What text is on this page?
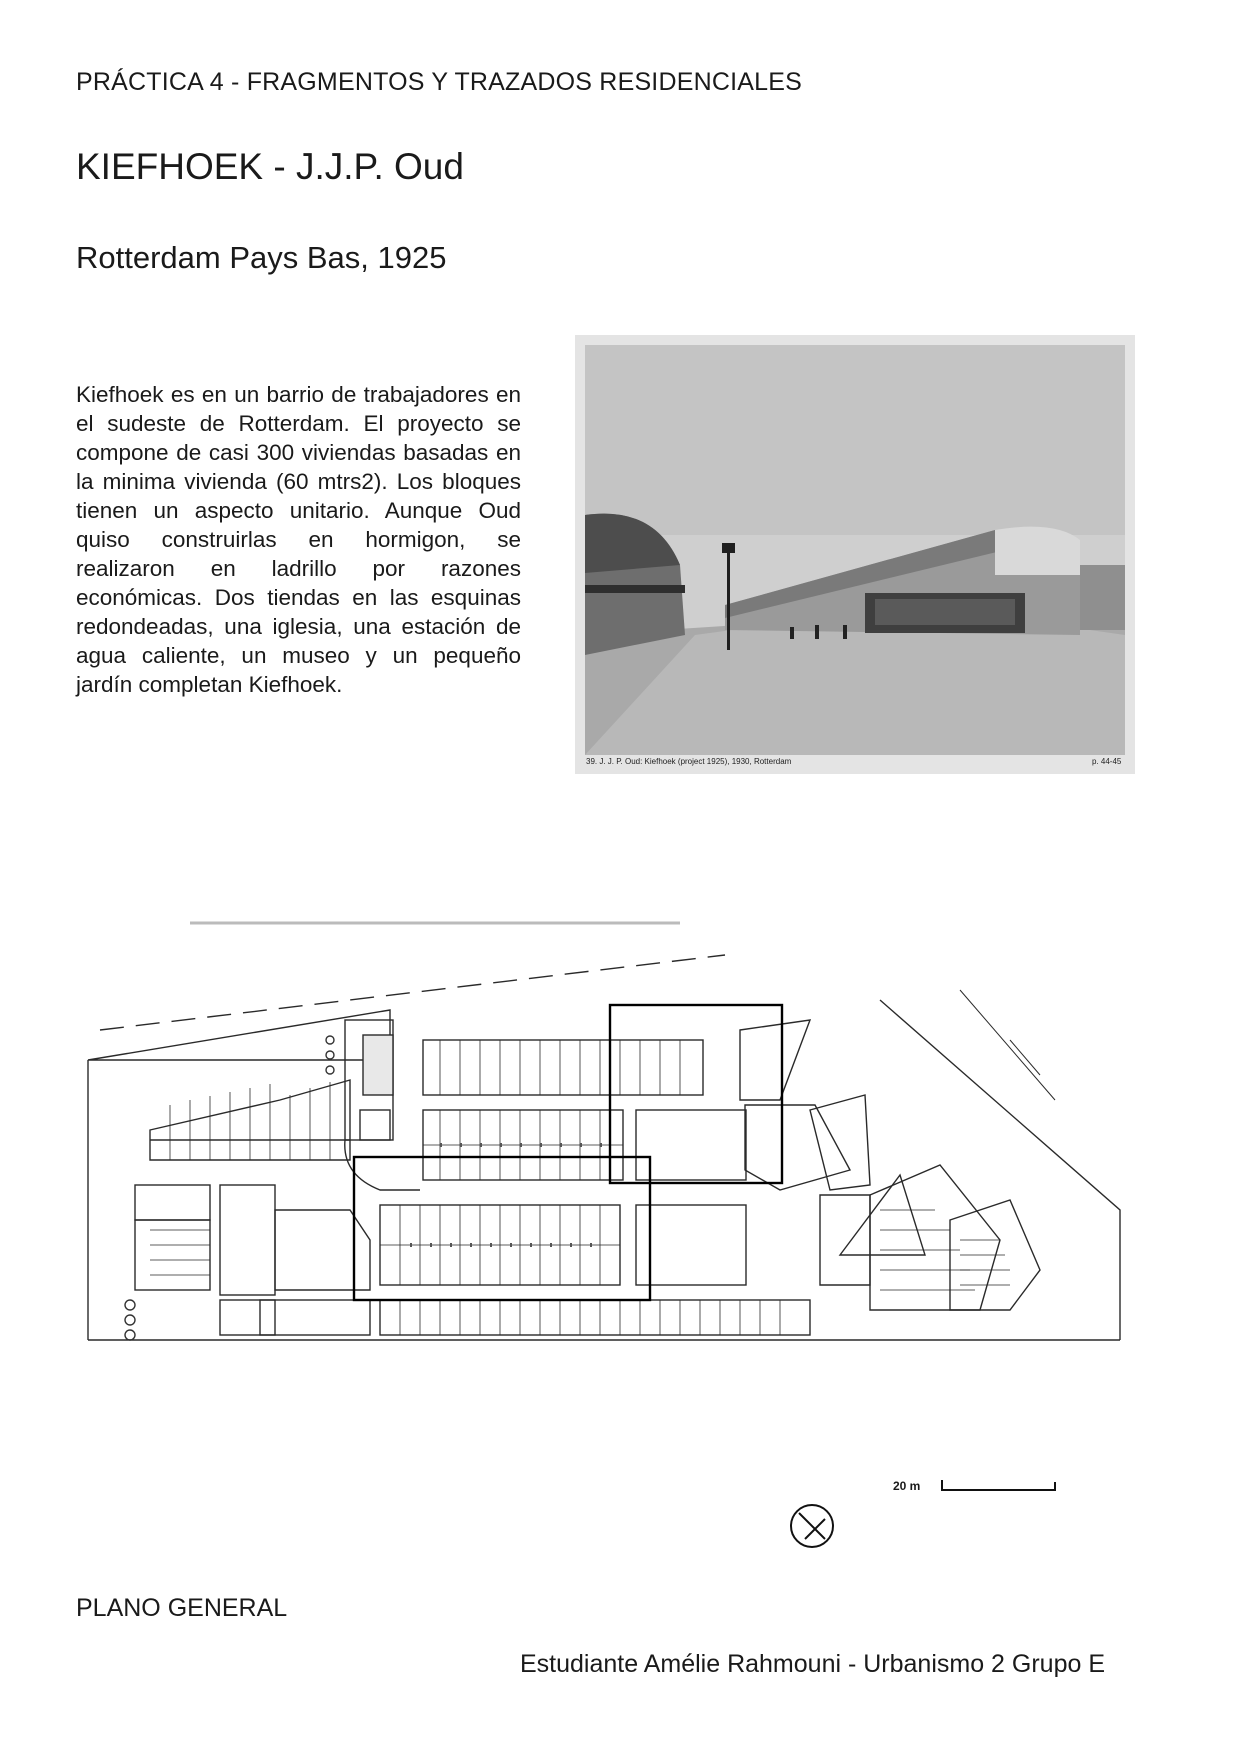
PRÁCTICA 4 - FRAGMENTOS Y TRAZADOS RESIDENCIALES
KIEFHOEK - J.J.P. Oud
Rotterdam Pays Bas, 1925

Kiefhoek es en un barrio de trabajadores en el sudeste de Rotterdam. El proyecto se compone de casi 300 viviendas basadas en la minima vivienda (60 mtrs2). Los bloques tienen un aspecto unitario. Aunque Oud quiso construirlas en hormigon, se realizaron en ladrillo por razones económicas. Dos tiendas en las esquinas redondeadas, una iglesia, una estación de agua caliente, un museo y un pequeño jardín completan Kiefhoek.

39. J. J. P. Oud: Kiefhoek (project 1925), 1930, Rotterdam	p. 44-45
20 m
PLANO GENERAL
Estudiante Amélie Rahmouni - Urbanismo 2 Grupo E
